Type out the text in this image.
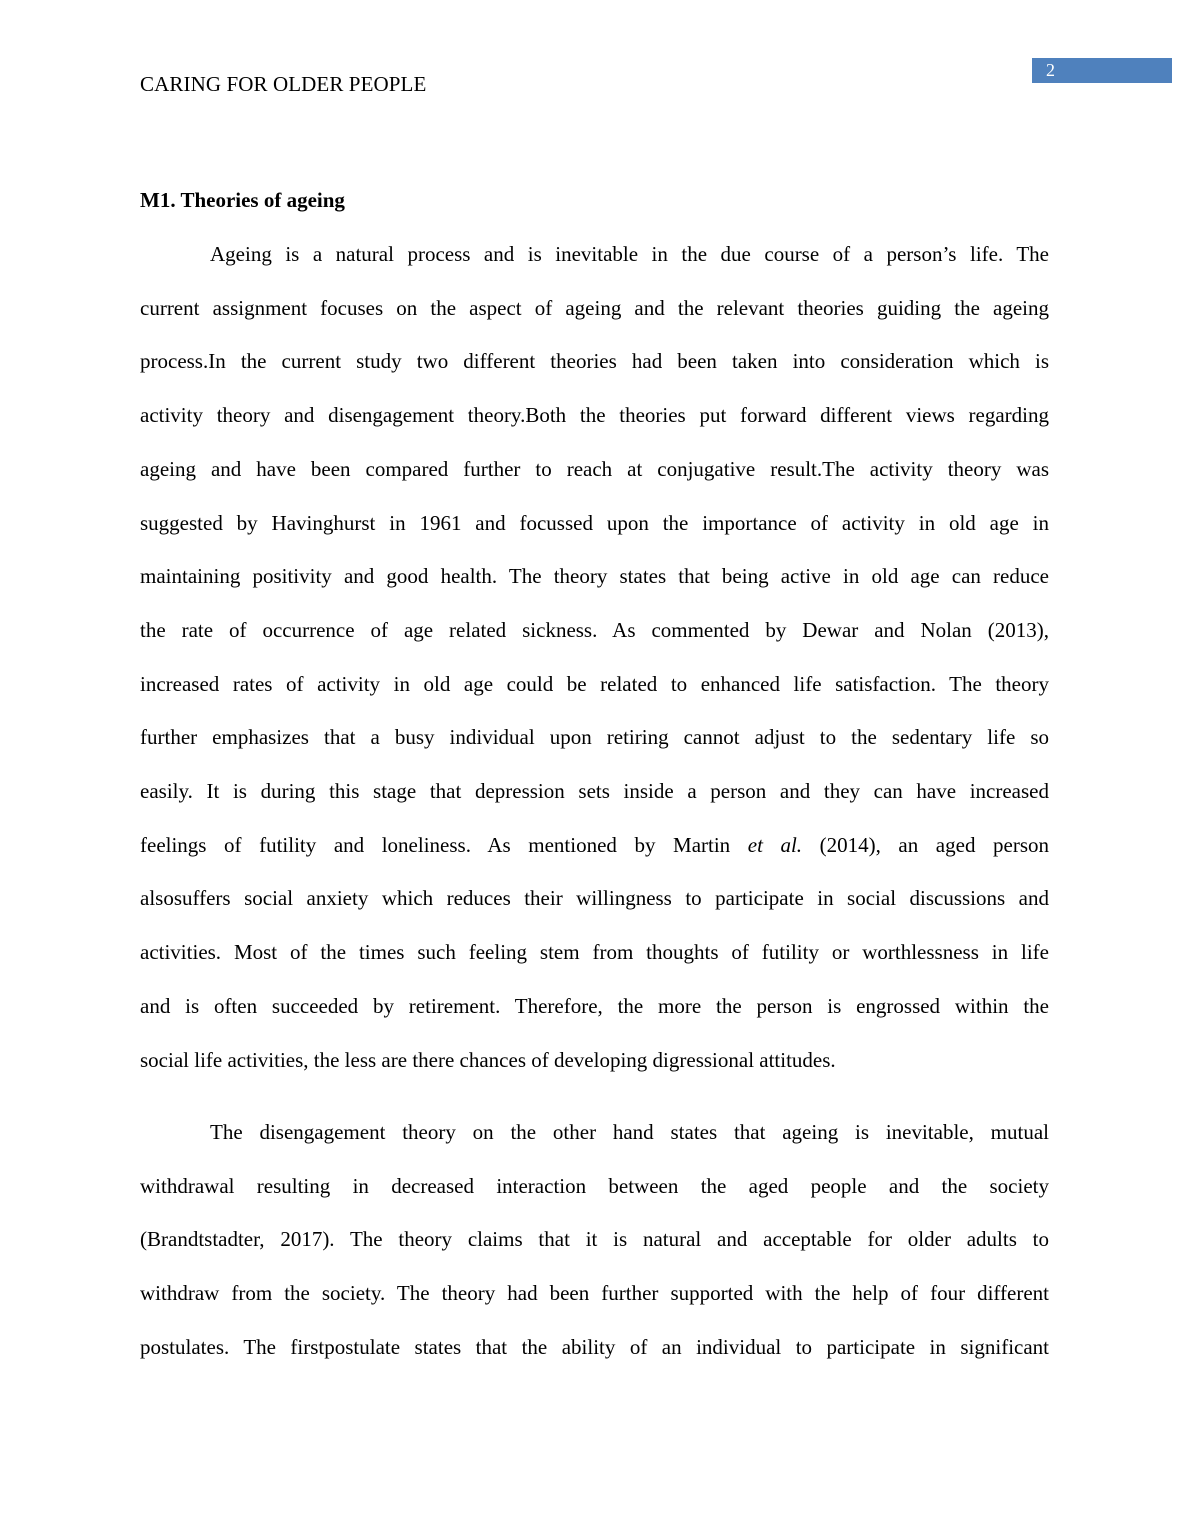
2
CARING FOR OLDER PEOPLE
M1. Theories of ageing
Ageing is a natural process and is inevitable in the due course of a person’s life. The
current assignment focuses on the aspect of ageing and the relevant theories guiding the ageing
process.In the current study two different theories had been taken into consideration which is
activity theory and disengagement theory.Both the theories put forward different views regarding
ageing and have been compared further to reach at conjugative result.The activity theory was
suggested by Havinghurst in 1961 and focussed upon the importance of activity in old age in
maintaining positivity and good health. The theory states that being active in old age can reduce
the rate of occurrence of age related sickness. As commented by Dewar and Nolan (2013),
increased rates of activity in old age could be related to enhanced life satisfaction. The theory
further emphasizes that a busy individual upon retiring cannot adjust to the sedentary life so
easily. It is during this stage that depression sets inside a person and they can have increased
feelings of futility and loneliness. As mentioned by Martin et al. (2014), an aged person
alsosuffers social anxiety which reduces their willingness to participate in social discussions and
activities. Most of the times such feeling stem from thoughts of futility or worthlessness in life
and is often succeeded by retirement. Therefore, the more the person is engrossed within the
social life activities, the less are there chances of developing digressional attitudes.
The disengagement theory on the other hand states that ageing is inevitable, mutual
withdrawal resulting in decreased interaction between the aged people and the society
(Brandtstadter, 2017). The theory claims that it is natural and acceptable for older adults to
withdraw from the society. The theory had been further supported with the help of four different
postulates. The firstpostulate states that the ability of an individual to participate in significant
